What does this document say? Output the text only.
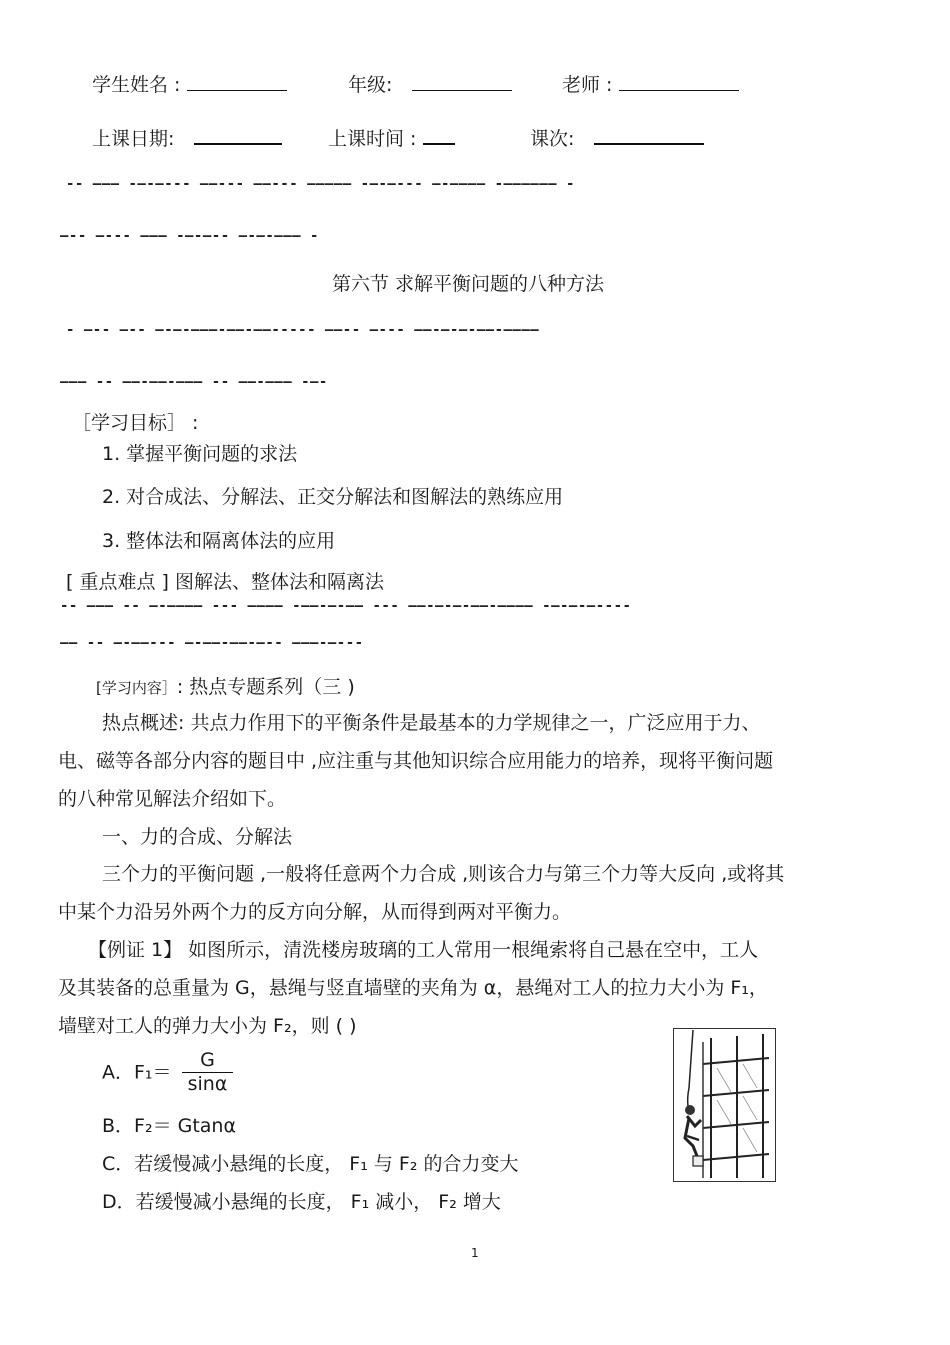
学生姓名 :	年级:	老师 :
上课日期:	上课时间 :	课次:
-- ——— -—-—--- ——--- ——--- ————— -—-—--- —-———— -—————— -
—-- —--- ——— -—-—-- —-—-——— -
第六节 求解平衡问题的八种方法
- —-- —-- —-—-———-——-——----- ——-- —--- ——-—-—-——-————
——— -- ——-——-——— -- ——-——— -—-
［学习目标］ :
1. 掌握平衡问题的求法
2. 对合成法、分解法、正交分解法和图解法的熟练应用
3. 整体法和隔离体法的应用
[ 重点难点 ] 图解法、整体法和隔离法
-- ——— -- —-———— --- ———— -——-—-—— --- ——-—-—-——-———— -—-—-—----
—— -- —-——--- —-——-——-—-- ———-—---
[学习内容］: 热点专题系列（三 )
热点概述: 共点力作用下的平衡条件是最基本的力学规律之一，广泛应用于力、
电、磁等各部分内容的题目中 ,应注重与其他知识综合应用能力的培养，现将平衡问题
的八种常见解法介绍如下。
一、力的合成、分解法
三个力的平衡问题 ,一般将任意两个力合成 ,则该合力与第三个力等大反向 ,或将其
中某个力沿另外两个力的反方向分解，从而得到两对平衡力。
【例证 1】 如图所示，清洗楼房玻璃的工人常用一根绳索将自己悬在空中，工人
及其装备的总重量为 G，悬绳与竖直墙壁的夹角为 α，悬绳对工人的拉力大小为 F₁，
墙壁对工人的弹力大小为 F₂，则 ( )
A．$F_1= \frac{G}{\sin\alpha}$
B．F₂＝ Gtanα
C．若缓慢减小悬绳的长度， F₁ 与 F₂ 的合力变大
D．若缓慢减小悬绳的长度， F₁ 减小， F₂ 增大
1
